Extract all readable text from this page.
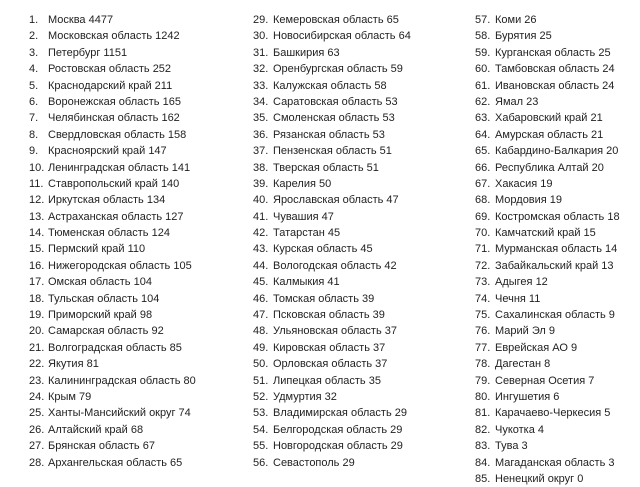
1. Москва 4477
2. Московская область 1242
3. Петербург 1151
4. Ростовская область 252
5. Краснодарский край 211
6. Воронежская область 165
7. Челябинская область 162
8. Свердловская область 158
9. Красноярский край 147
10. Ленинградская область 141
11. Ставропольский край 140
12. Иркутская область 134
13. Астраханская область 127
14. Тюменская область 124
15. Пермский край 110
16. Нижегородская область 105
17. Омская область 104
18. Тульская область 104
19. Приморский край 98
20. Самарская область 92
21. Волгоградская область 85
22. Якутия 81
23. Калининградская область 80
24. Крым 79
25. Ханты-Мансийский округ 74
26. Алтайский край 68
27. Брянская область 67
28. Архангельская область 65
29. Кемеровская область 65
30. Новосибирская область 64
31. Башкирия 63
32. Оренбургская область 59
33. Калужская область 58
34. Саратовская область 53
35. Смоленская область 53
36. Рязанская область 53
37. Пензенская область 51
38. Тверская область 51
39. Карелия 50
40. Ярославская область 47
41. Чувашия 47
42. Татарстан 45
43. Курская область 45
44. Вологодская область 42
45. Калмыкия 41
46. Томская область 39
47. Псковская область 39
48. Ульяновская область 37
49. Кировская область 37
50. Орловская область 37
51. Липецкая область 35
52. Удмуртия 32
53. Владимирская область 29
54. Белгородская область 29
55. Новгородская область 29
56. Севастополь 29
57. Коми 26
58. Бурятия 25
59. Курганская область 25
60. Тамбовская область 24
61. Ивановская область 24
62. Ямал 23
63. Хабаровский край 21
64. Амурская область 21
65. Кабардино-Балкария 20
66. Республика Алтай 20
67. Хакасия 19
68. Мордовия 19
69. Костромская область 18
70. Камчатский край 15
71. Мурманская область 14
72. Забайкальский край 13
73. Адыгея 12
74. Чечня 11
75. Сахалинская область 9
76. Марий Эл 9
77. Еврейская АО 9
78. Дагестан 8
79. Северная Осетия 7
80. Ингушетия 6
81. Карачаево-Черкесия 5
82. Чукотка 4
83. Тува 3
84. Магаданская область 3
85. Ненецкий округ 0
